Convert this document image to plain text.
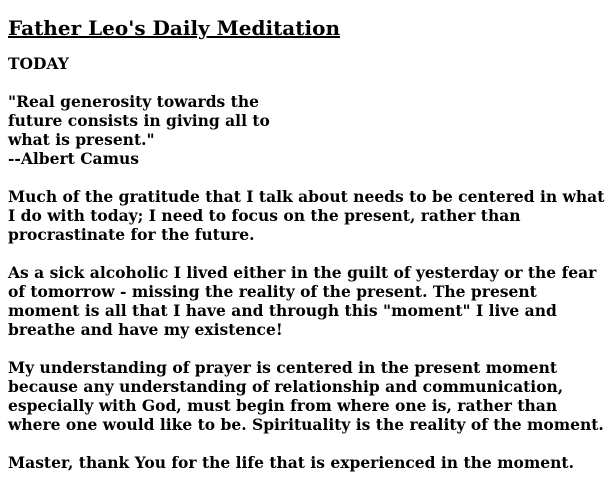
Father Leo's Daily Meditation
TODAY
"Real generosity towards the
future consists in giving all to
what is present."
--Albert Camus
Much of the gratitude that I talk about needs to be centered in what I do with today; I need to focus on the present, rather than procrastinate for the future.
As a sick alcoholic I lived either in the guilt of yesterday or the fear of tomorrow - missing the reality of the present. The present moment is all that I have and through this "moment" I live and breathe and have my existence!
My understanding of prayer is centered in the present moment because any understanding of relationship and communication, especially with God, must begin from where one is, rather than where one would like to be. Spirituality is the reality of the moment.
Master, thank You for the life that is experienced in the moment.
